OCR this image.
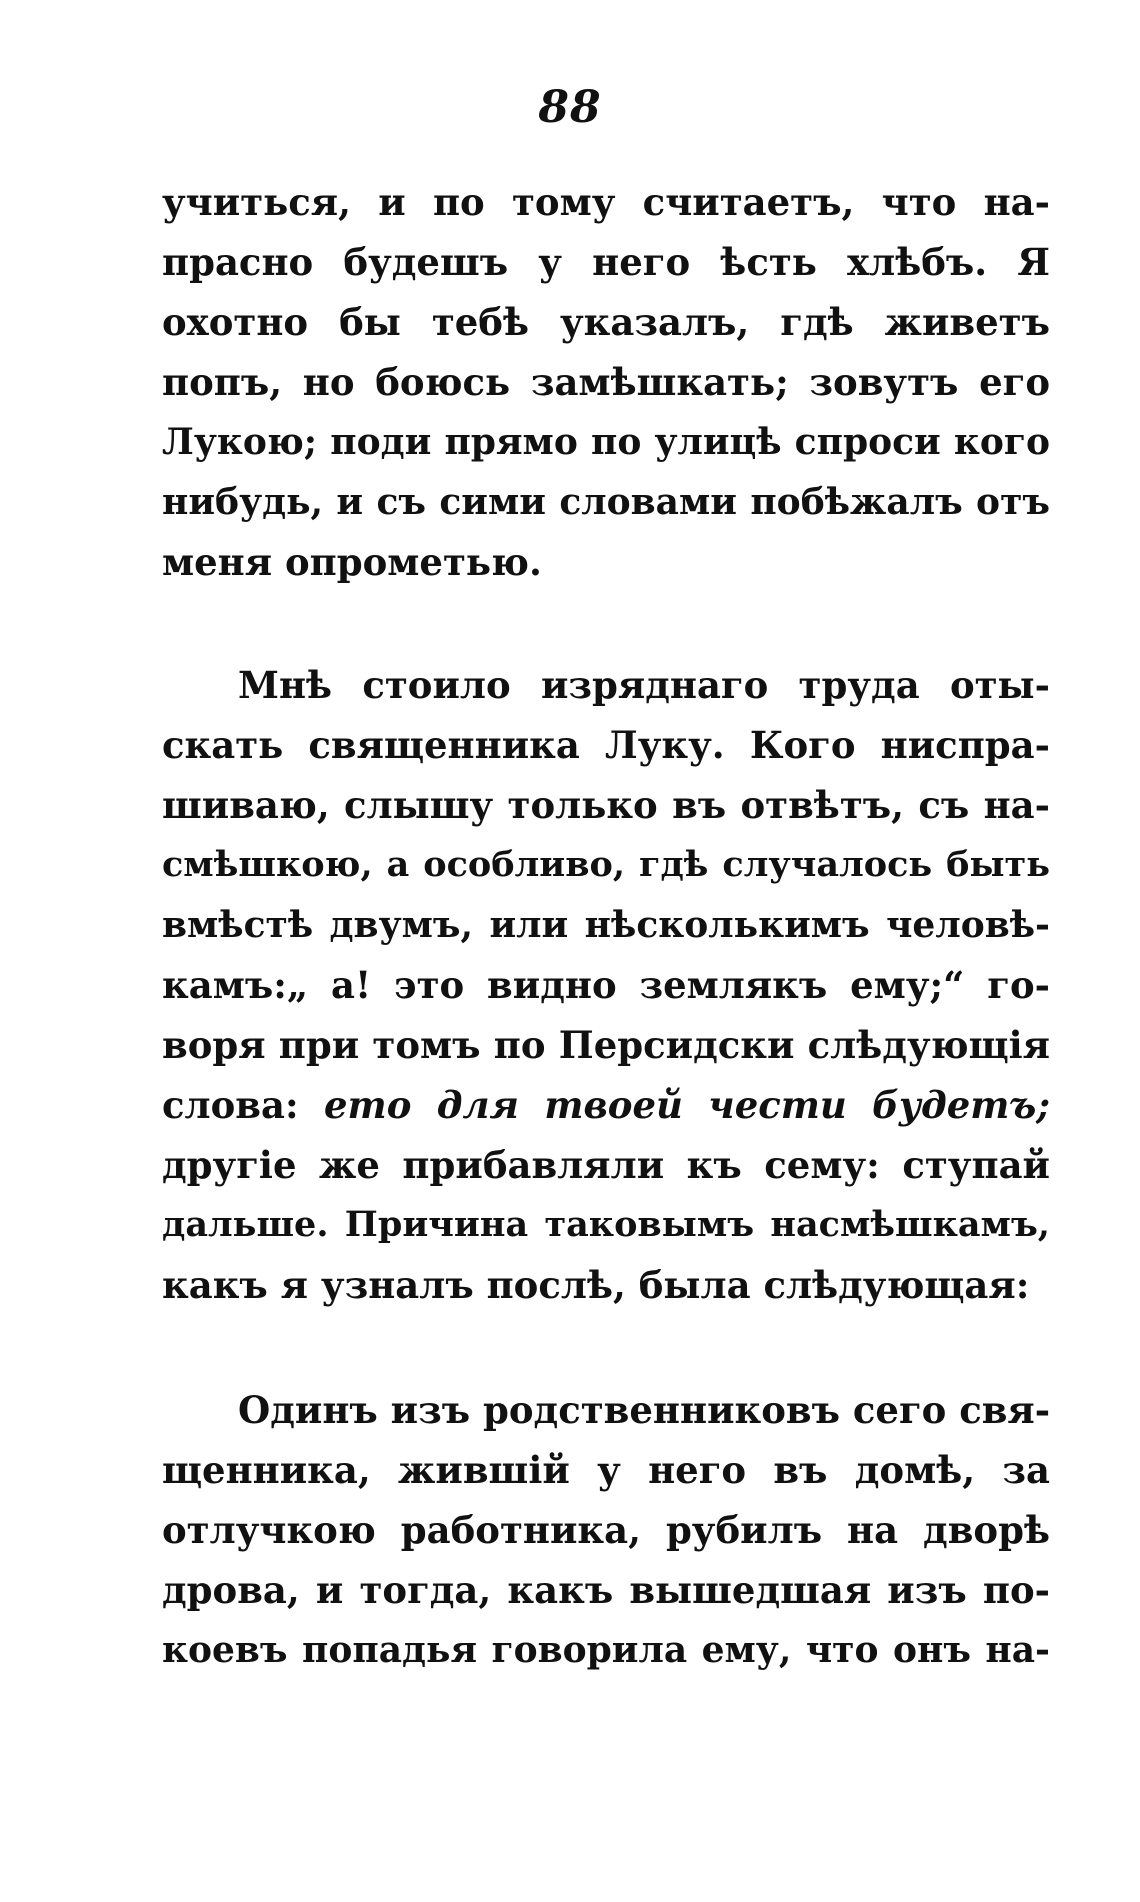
88
учиться, и по тому считаетъ, что на-
прасно будешъ у него ѣсть хлѣбъ. Я
охотно бы тебѣ указалъ, гдѣ живетъ
попъ, но боюсь замѣшкать; зовутъ его
Лукою; поди прямо по улицѣ спроси кого
нибудь, и съ сими словами побѣжалъ отъ
меня опрометью.
Мнѣ стоило изряднаго труда оты-
скать священника Луку. Кого ниспра-
шиваю, слышу только въ отвѣтъ, съ на-
смѣшкою, а особливо, гдѣ случалось быть
вмѣстѣ двумъ, или нѣсколькимъ человѣ-
камъ:„ а! это видно землякъ ему;“ го-
воря при томъ по Персидски слѣдующія
слова: ето для твоей чести будетъ;
другіе же прибавляли къ сему: ступай
дальше. Причина таковымъ насмѣшкамъ,
какъ я узналъ послѣ, была слѣдующая:
Одинъ изъ родственниковъ сего свя-
щенника, жившій у него въ домѣ, за
отлучкою работника, рубилъ на дворѣ
дрова, и тогда, какъ вышедшая изъ по-
коевъ попадья говорила ему, что онъ на-
